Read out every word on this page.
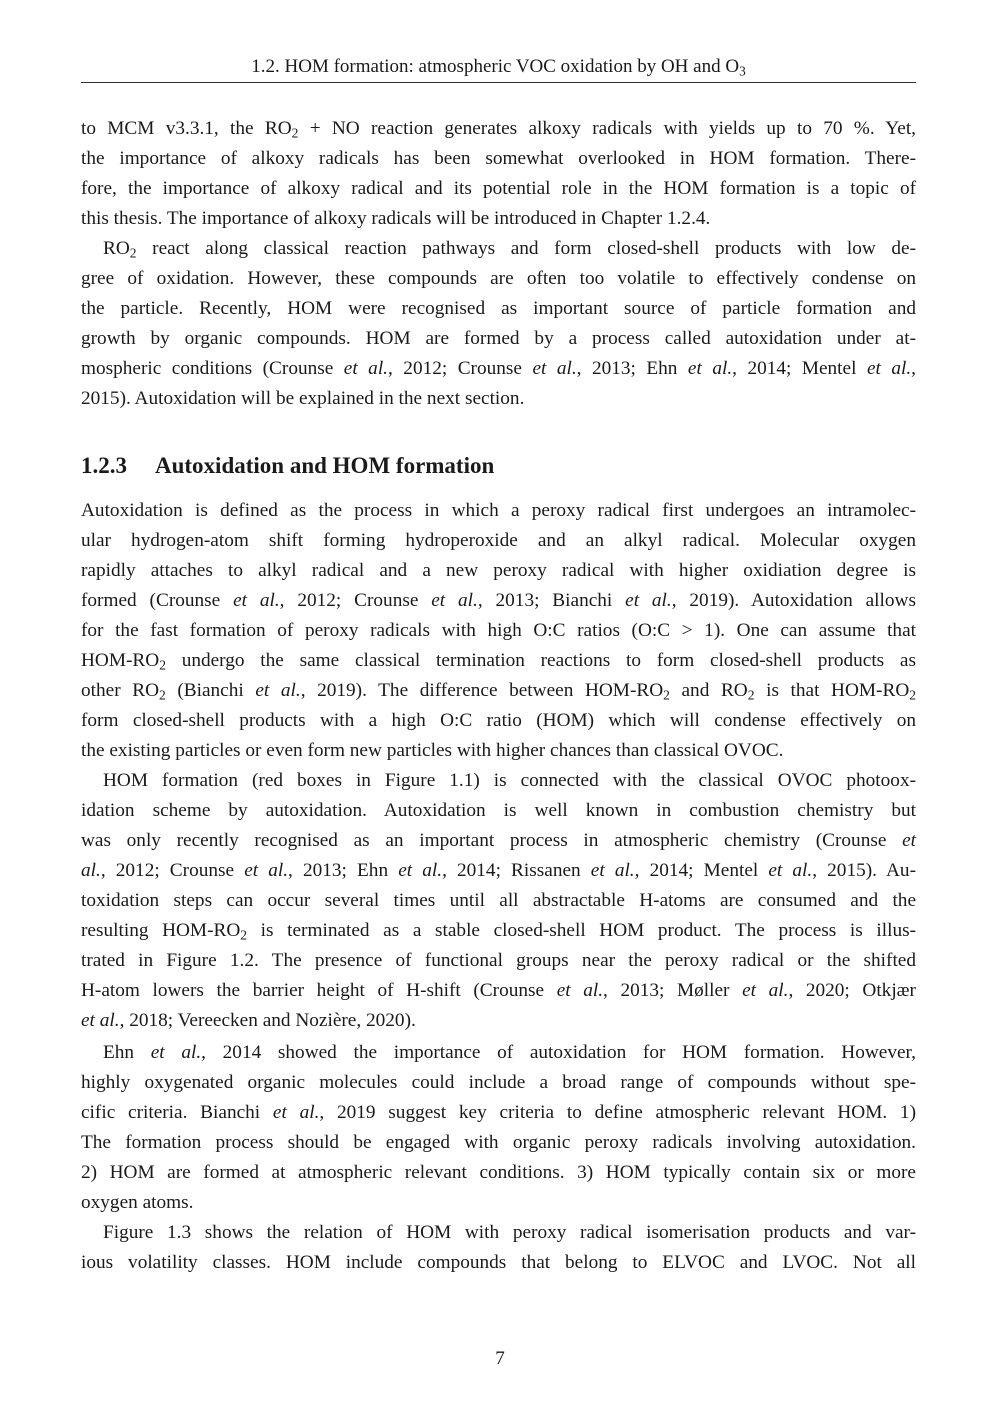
1.2. HOM formation: atmospheric VOC oxidation by OH and $O_3$
1.2.3 Autoxidation and HOM formation
to MCM v3.3.1, the $RO_2$ + NO reaction generates alkoxy radicals with yields up to 70 %. Yet,
the importance of alkoxy radicals has been somewhat overlooked in HOM formation. There-
fore, the importance of alkoxy radical and its potential role in the HOM formation is a topic of
this thesis. The importance of alkoxy radicals will be introduced in Chapter 1.2.4.
$RO_2$ react along classical reaction pathways and form closed-shell products with low de-
gree of oxidation. However, these compounds are often too volatile to effectively condense on
the particle. Recently, HOM were recognised as important source of particle formation and
growth by organic compounds. HOM are formed by a process called autoxidation under at-
mospheric conditions (Crounse et al., 2012; Crounse et al., 2013; Ehn et al., 2014; Mentel et al.,
2015). Autoxidation will be explained in the next section.
Autoxidation is defined as the process in which a peroxy radical first undergoes an intramolec-
ular hydrogen-atom shift forming hydroperoxide and an alkyl radical. Molecular oxygen
rapidly attaches to alkyl radical and a new peroxy radical with higher oxidiation degree is
formed (Crounse et al., 2012; Crounse et al., 2013; Bianchi et al., 2019). Autoxidation allows
for the fast formation of peroxy radicals with high O:C ratios (O:C > 1). One can assume that
HOM-$RO_2$ undergo the same classical termination reactions to form closed-shell products as
other $RO_2$ (Bianchi et al., 2019). The difference between HOM-$RO_2$ and $RO_2$ is that HOM-$RO_2$
form closed-shell products with a high O:C ratio (HOM) which will condense effectively on
the existing particles or even form new particles with higher chances than classical OVOC.
HOM formation (red boxes in Figure 1.1) is connected with the classical OVOC photoox-
idation scheme by autoxidation. Autoxidation is well known in combustion chemistry but
was only recently recognised as an important process in atmospheric chemistry (Crounse et
al., 2012; Crounse et al., 2013; Ehn et al., 2014; Rissanen et al., 2014; Mentel et al., 2015). Au-
toxidation steps can occur several times until all abstractable H-atoms are consumed and the
resulting HOM-$RO_2$ is terminated as a stable closed-shell HOM product. The process is illus-
trated in Figure 1.2. The presence of functional groups near the peroxy radical or the shifted
H-atom lowers the barrier height of H-shift (Crounse et al., 2013; Møller et al., 2020; Otkjær
et al., 2018; Vereecken and Nozière, 2020).
Ehn et al., 2014 showed the importance of autoxidation for HOM formation. However,
highly oxygenated organic molecules could include a broad range of compounds without spe-
cific criteria. Bianchi et al., 2019 suggest key criteria to define atmospheric relevant HOM. 1)
The formation process should be engaged with organic peroxy radicals involving autoxidation.
2) HOM are formed at atmospheric relevant conditions. 3) HOM typically contain six or more
oxygen atoms.
Figure 1.3 shows the relation of HOM with peroxy radical isomerisation products and var-
ious volatility classes. HOM include compounds that belong to ELVOC and LVOC. Not all
7
